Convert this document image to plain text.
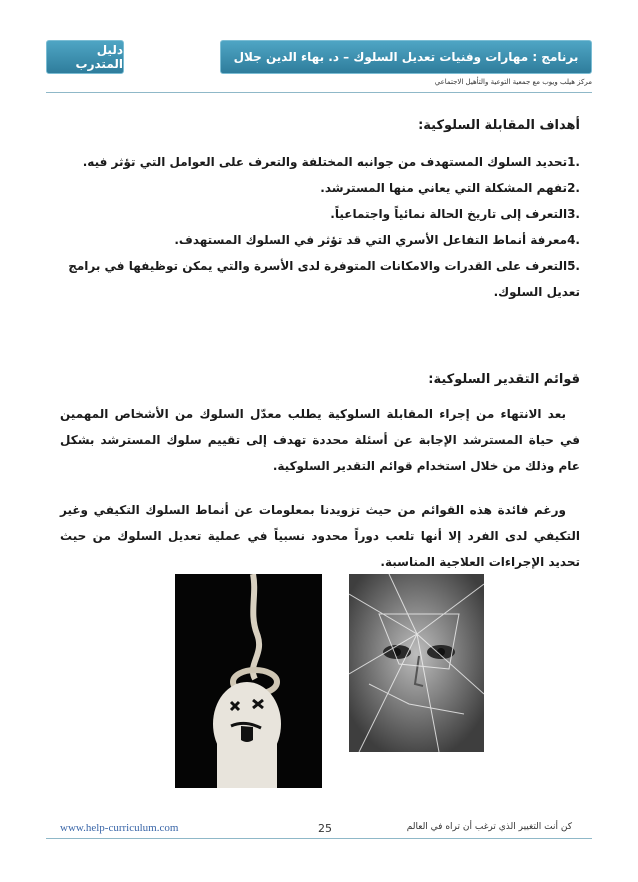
دليل المتدرب	برنامج : مهارات وفنيات تعديل السلوك – د. بهاء الدين جلال
مركز هيلب ويوب مع جمعية التوعية والتأهيل الاجتماعي
أهداف المقابلة السلوكية:
1.تحديد السلوك المستهدف من جوانبه المختلفة والتعرف على العوامل التي تؤثر فيه.
2.تفهم المشكلة التي يعاني منها المسترشد.
3.التعرف إلى تاريخ الحالة نمائياً واجتماعياً.
4.معرفة أنماط التفاعل الأسري التي قد تؤثر في السلوك المستهدف.
5.التعرف على القدرات والامكانات المتوفرة لدى الأسرة والتي يمكن توظيفها في برامج تعديل السلوك.
قوائم التقدير السلوكية:

بعد الانتهاء من إجراء المقابلة السلوكية يطلب معدّل السلوك من الأشخاص المهمين في حياة المسترشد الإجابة عن أسئلة محددة تهدف إلى تقييم سلوك المسترشد بشكل عام وذلك من خلال استخدام قوائم التقدير السلوكية.

ورغم فائدة هذه القوائم من حيث تزويدنا بمعلومات عن أنماط السلوك التكيفي وغير التكيفي لدى الفرد إلا أنها تلعب دوراً محدود نسبياً في عملية تعديل السلوك من حيث تحديد الإجراءات العلاجية المناسبة.

www.help-curriculum.com	25	كن أنت التغيير الذي ترغب أن تراه في العالم
